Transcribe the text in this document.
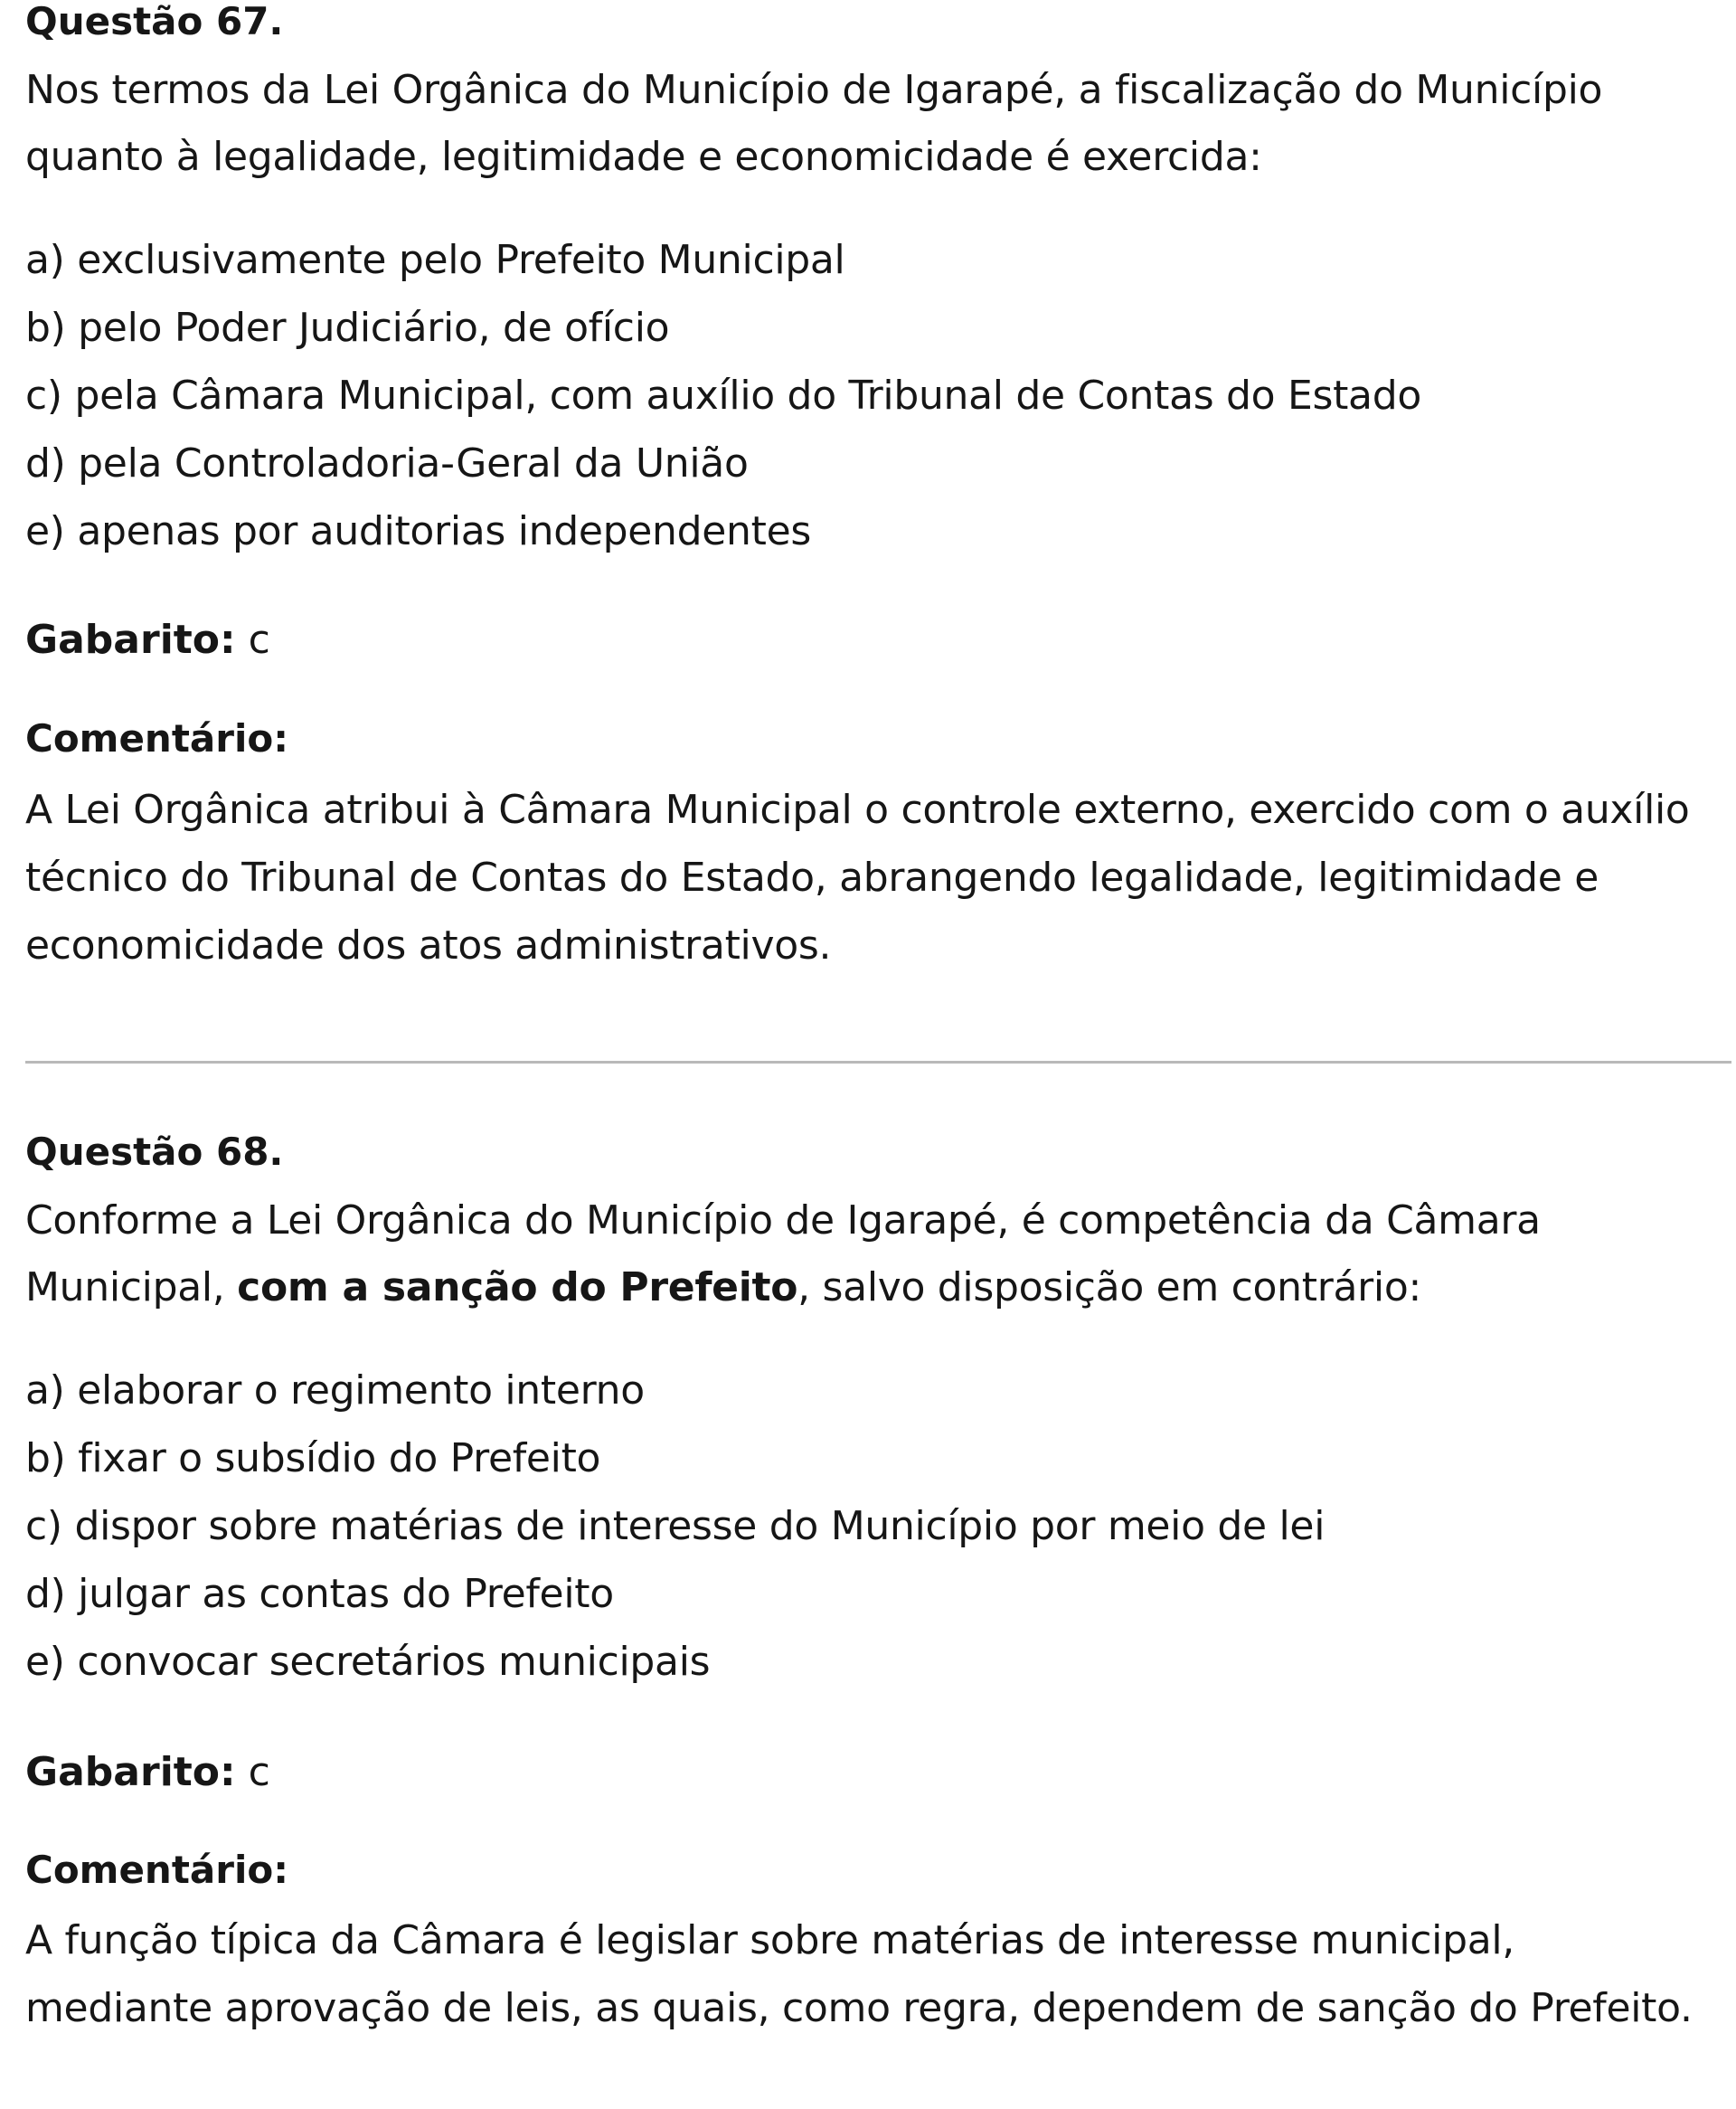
Questão 67.

Nos termos da Lei Orgânica do Município de Igarapé, a fiscalização do Município quanto à legalidade, legitimidade e economicidade é exercida:

a) exclusivamente pelo Prefeito Municipal
b) pelo Poder Judiciário, de ofício
c) pela Câmara Municipal, com auxílio do Tribunal de Contas do Estado
d) pela Controladoria-Geral da União
e) apenas por auditorias independentes

Gabarito: c

Comentário:

A Lei Orgânica atribui à Câmara Municipal o controle externo, exercido com o auxílio técnico do Tribunal de Contas do Estado, abrangendo legalidade, legitimidade e economicidade dos atos administrativos.

Questão 68.

Conforme a Lei Orgânica do Município de Igarapé, é competência da Câmara Municipal, com a sanção do Prefeito, salvo disposição em contrário:

a) elaborar o regimento interno
b) fixar o subsídio do Prefeito
c) dispor sobre matérias de interesse do Município por meio de lei
d) julgar as contas do Prefeito
e) convocar secretários municipais

Gabarito: c

Comentário:

A função típica da Câmara é legislar sobre matérias de interesse municipal, mediante aprovação de leis, as quais, como regra, dependem de sanção do Prefeito.
